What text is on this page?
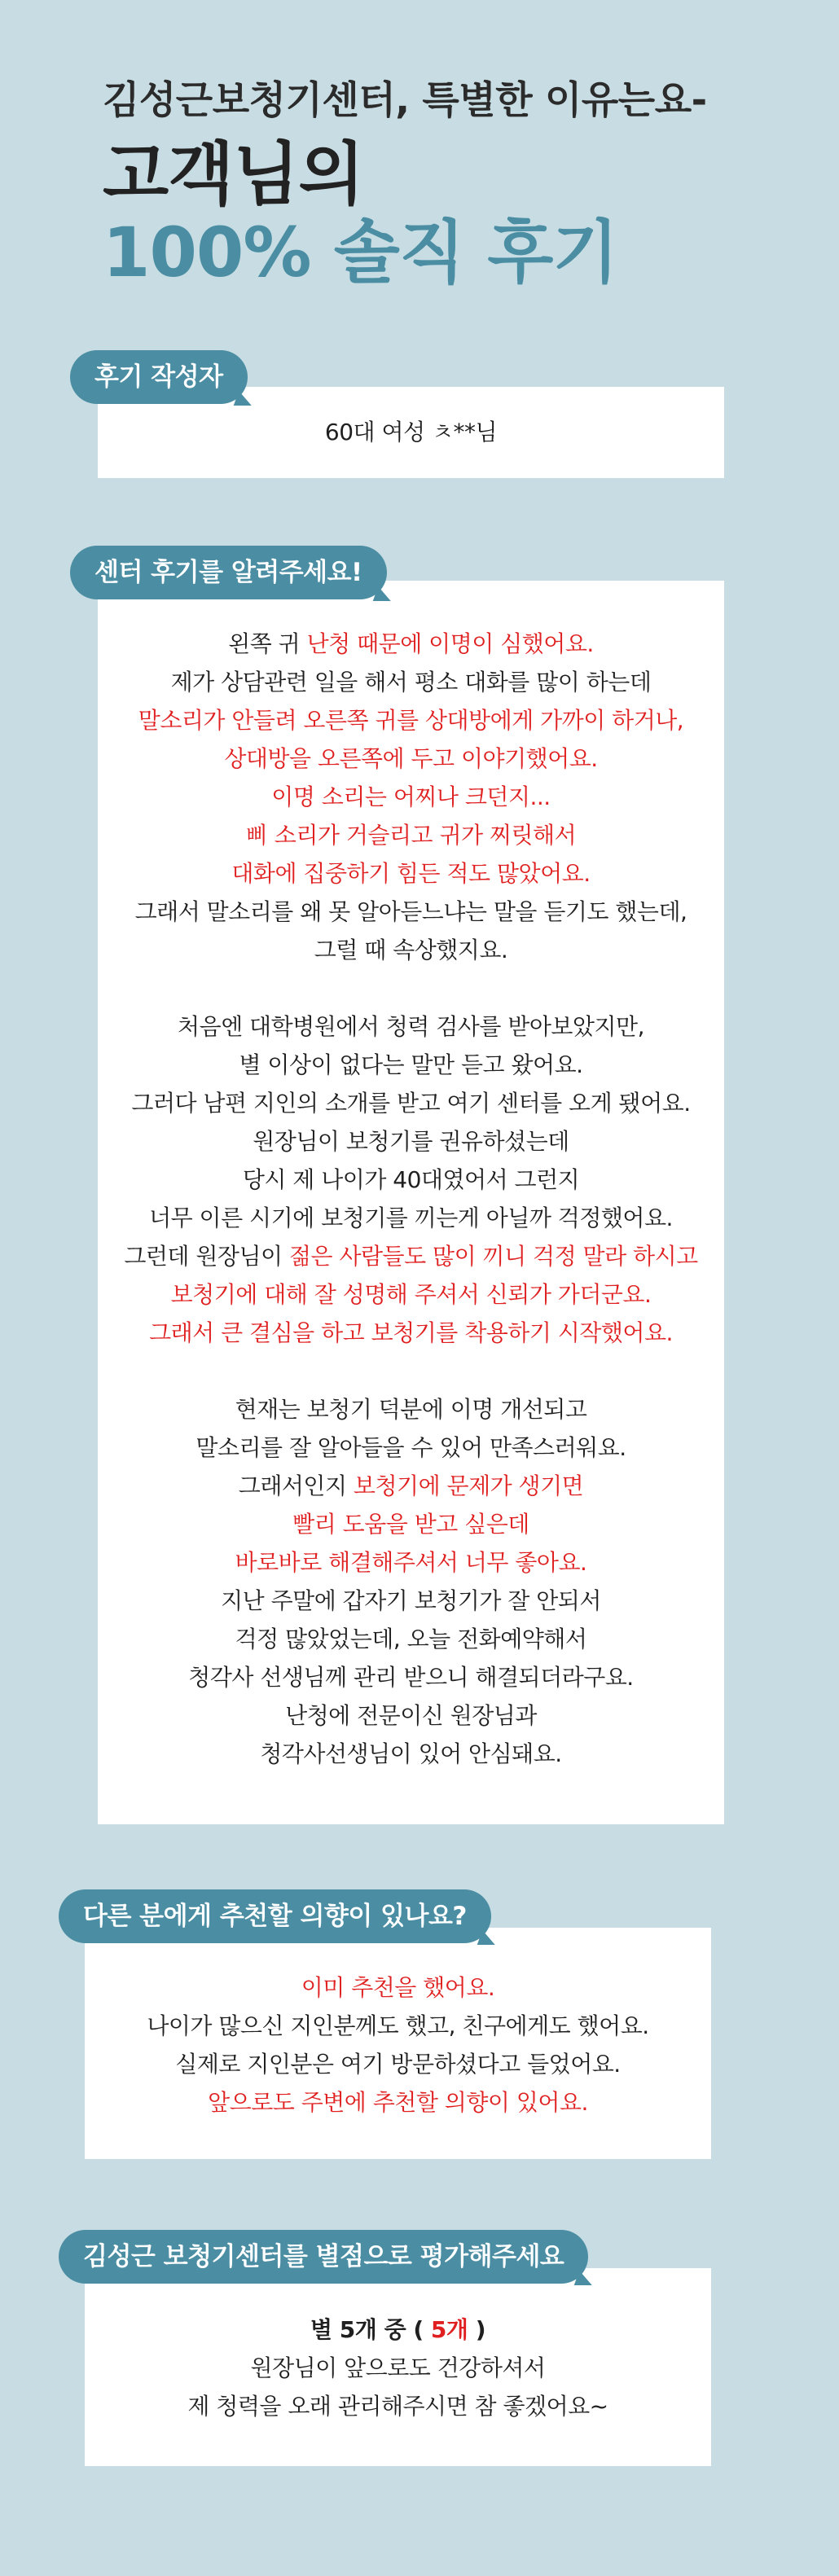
김성근보청기센터, 특별한 이유는요-
고객님의
100% 솔직 후기
후기 작성자
60대 여성 ㅊ**님
센터 후기를 알려주세요!
왼쪽 귀 난청 때문에 이명이 심했어요.
제가 상담관련 일을 해서 평소 대화를 많이 하는데
말소리가 안들려 오른쪽 귀를 상대방에게 가까이 하거나,
상대방을 오른쪽에 두고 이야기했어요.
이명 소리는 어찌나 크던지...
삐 소리가 거슬리고 귀가 찌릿해서
대화에 집중하기 힘든 적도 많았어요.
그래서 말소리를 왜 못 알아듣느냐는 말을 듣기도 했는데,
그럴 때 속상했지요.
처음엔 대학병원에서 청력 검사를 받아보았지만,
별 이상이 없다는 말만 듣고 왔어요.
그러다 남편 지인의 소개를 받고 여기 센터를 오게 됐어요.
원장님이 보청기를 권유하셨는데
당시 제 나이가 40대였어서 그런지
너무 이른 시기에 보청기를 끼는게 아닐까 걱정했어요.
그런데 원장님이 젊은 사람들도 많이 끼니 걱정 말라 하시고
보청기에 대해 잘 성명해 주셔서 신뢰가 가더군요.
그래서 큰 결심을 하고 보청기를 착용하기 시작했어요.
현재는 보청기 덕분에 이명 개선되고
말소리를 잘 알아들을 수 있어 만족스러워요.
그래서인지 보청기에 문제가 생기면
빨리 도움을 받고 싶은데
바로바로 해결해주셔서 너무 좋아요.
지난 주말에 갑자기 보청기가 잘 안되서
걱정 많았었는데, 오늘 전화예약해서
청각사 선생님께 관리 받으니 해결되더라구요.
난청에 전문이신 원장님과
청각사선생님이 있어 안심돼요.
다른 분에게 추천할 의향이 있나요?
이미 추천을 했어요.
나이가 많으신 지인분께도 했고, 친구에게도 했어요.
실제로 지인분은 여기 방문하셨다고 들었어요.
앞으로도 주변에 추천할 의향이 있어요.
김성근 보청기센터를 별점으로 평가해주세요
별 5개 중 ( 5개 )
원장님이 앞으로도 건강하셔서
제 청력을 오래 관리해주시면 참 좋겠어요~
